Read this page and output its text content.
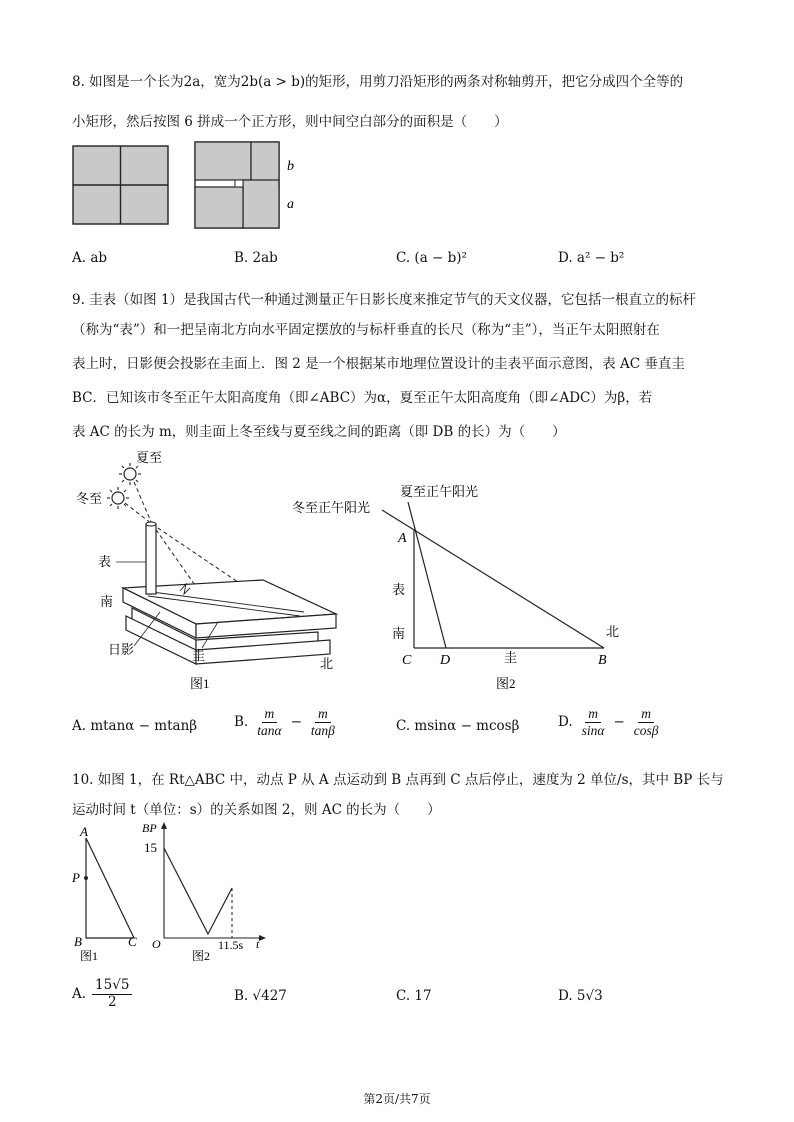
8. 如图是一个长为2a，宽为2b(a > b)的矩形，用剪刀沿矩形的两条对称轴剪开，把它分成四个全等的
小矩形，然后按图 6 拼成一个正方形，则中间空白部分的面积是（　　）
b
a
A. ab	B. 2ab	C. (a − b)²	D. a² − b²
9. 圭表（如图 1）是我国古代一种通过测量正午日影长度来推定节气的天文仪器，它包括一根直立的标杆
（称为“表”）和一把呈南北方向水平固定摆放的与标杆垂直的长尺（称为“圭”），当正午太阳照射在
表上时，日影便会投影在圭面上．图 2 是一个根据某市地理位置设计的圭表平面示意图，表 AC 垂直圭
BC．已知该市冬至正午太阳高度角（即∠ABC）为α，夏至正午太阳高度角（即∠ADC）为β，若
表 AC 的长为 m，则圭面上冬至线与夏至线之间的距离（即 DB 的长）为（　　）
夏至
冬至
表
南
日影	圭
北
图1
冬至正午阳光
夏至正午阳光
A
表
南
C D	圭	B
北
图2
A. mtanα − mtanβ	B. $\frac{m}{\tan\alpha} - \frac{m}{\tan\beta}$	C. msinα − mcosβ	D. $\frac{m}{\sin\alpha} - \frac{m}{\cos\beta}$
10. 如图 1，在 Rt△ABC 中，动点 P 从 A 点运动到 B 点再到 C 点后停止，速度为 2 单位/s，其中 BP 长与
运动时间 t（单位：s）的关系如图 2，则 AC 的长为（　　）
A
P
B	C
图1
BP
15
O	11.5s t
图2
A. $\frac{15√5}{2}$	B. √427	C. 17	D. 5√3
第2页/共7页
